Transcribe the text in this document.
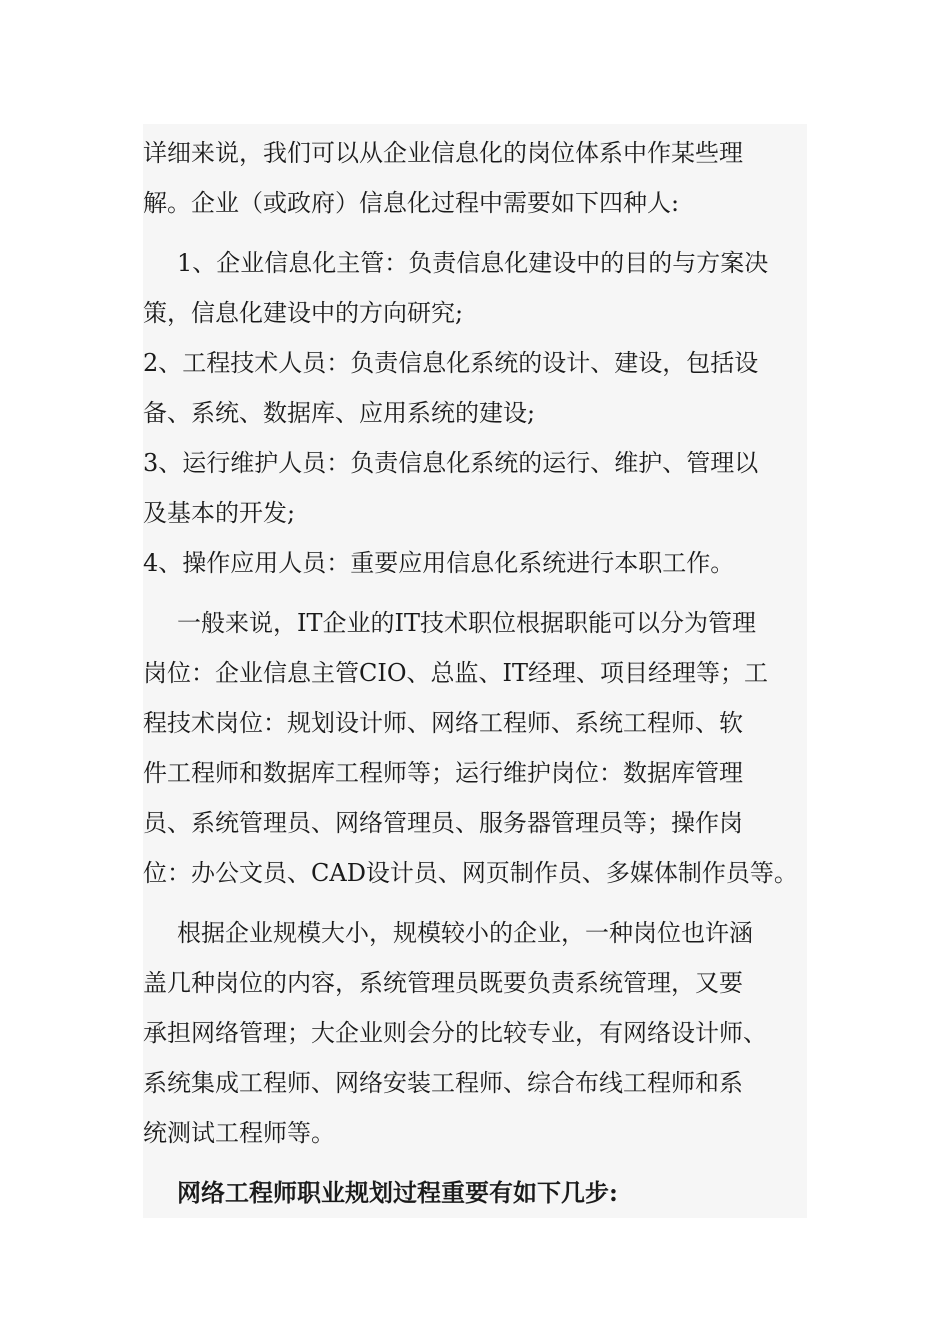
详细来说，我们可以从企业信息化的岗位体系中作某些理
解。企业（或政府）信息化过程中需要如下四种人:
1、企业信息化主管：负责信息化建设中的目的与方案决
策，信息化建设中的方向研究;
2、工程技术人员：负责信息化系统的设计、建设，包括设
备、系统、数据库、应用系统的建设;
3、运行维护人员：负责信息化系统的运行、维护、管理以
及基本的开发;
4、操作应用人员：重要应用信息化系统进行本职工作。
一般来说，IT企业的IT技术职位根据职能可以分为管理
岗位：企业信息主管CIO、总监、IT经理、项目经理等；工
程技术岗位：规划设计师、网络工程师、系统工程师、软
件工程师和数据库工程师等；运行维护岗位：数据库管理
员、系统管理员、网络管理员、服务器管理员等；操作岗
位：办公文员、CAD设计员、网页制作员、多媒体制作员等。
根据企业规模大小，规模较小的企业，一种岗位也许涵
盖几种岗位的内容，系统管理员既要负责系统管理，又要
承担网络管理；大企业则会分的比较专业，有网络设计师、
系统集成工程师、网络安装工程师、综合布线工程师和系
统测试工程师等。
网络工程师职业规划过程重要有如下几步:
